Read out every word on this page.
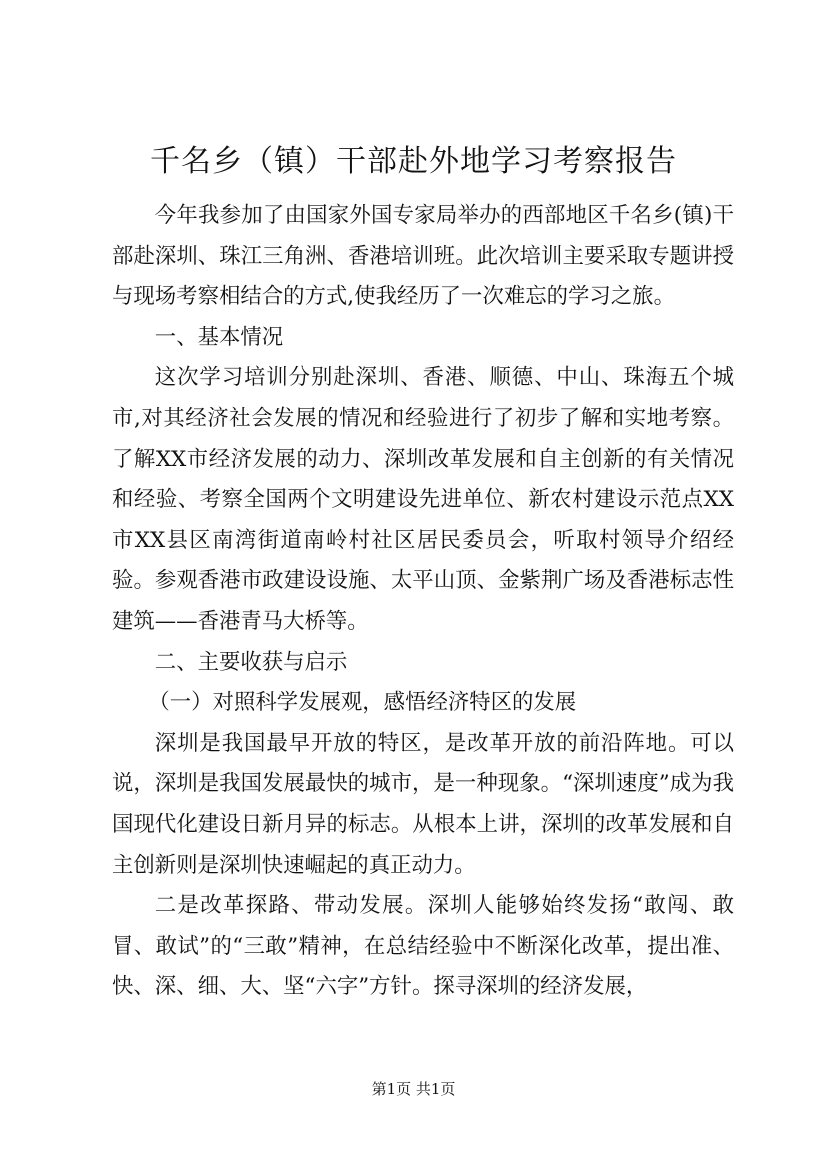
千名乡（镇）干部赴外地学习考察报告

今年我参加了由国家外国专家局举办的西部地区千名乡(镇)干部赴深圳、珠江三角洲、香港培训班。此次培训主要采取专题讲授与现场考察相结合的方式,使我经历了一次难忘的学习之旅。

一、基本情况

这次学习培训分别赴深圳、香港、顺德、中山、珠海五个城市,对其经济社会发展的情况和经验进行了初步了解和实地考察。了解XX市经济发展的动力、深圳改革发展和自主创新的有关情况和经验、考察全国两个文明建设先进单位、新农村建设示范点XX市XX县区南湾街道南岭村社区居民委员会，听取村领导介绍经验。参观香港市政建设设施、太平山顶、金紫荆广场及香港标志性建筑——香港青马大桥等。

二、主要收获与启示

（一）对照科学发展观，感悟经济特区的发展

深圳是我国最早开放的特区，是改革开放的前沿阵地。可以说，深圳是我国发展最快的城市，是一种现象。“深圳速度”成为我国现代化建设日新月异的标志。从根本上讲，深圳的改革发展和自主创新则是深圳快速崛起的真正动力。

二是改革探路、带动发展。深圳人能够始终发扬“敢闯、敢冒、敢试”的“三敢”精神，在总结经验中不断深化改革，提出准、快、深、细、大、坚“六字”方针。探寻深圳的经济发展，

第1页 共1页
